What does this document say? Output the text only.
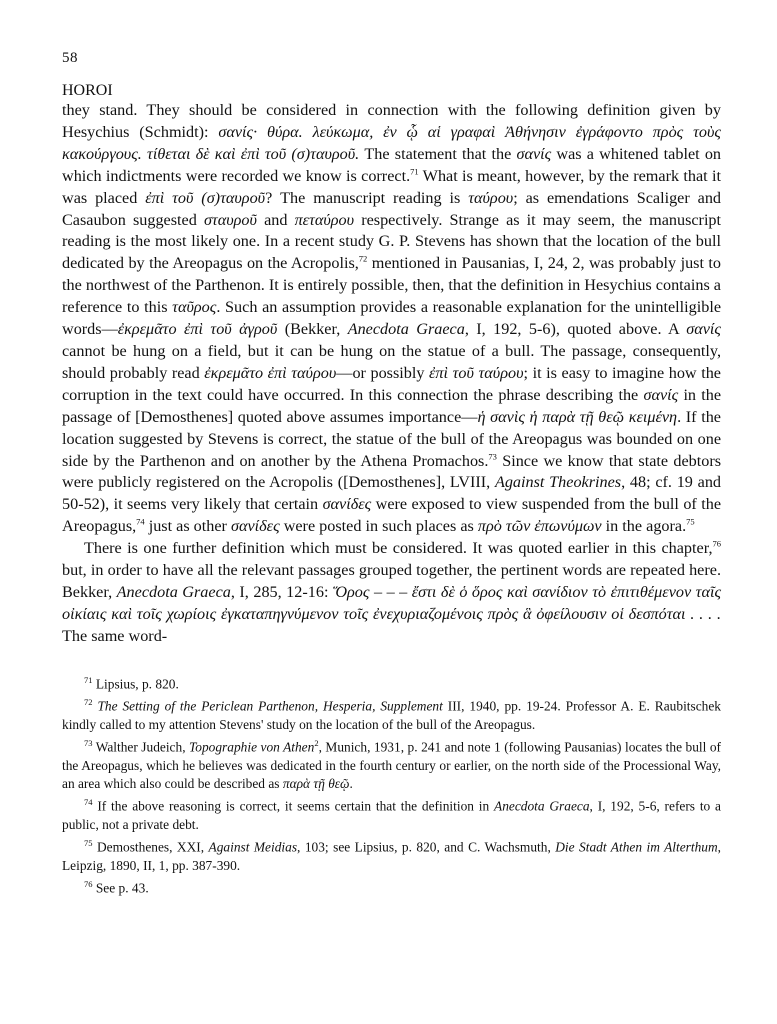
58
HOROI

they stand. They should be considered in connection with the following definition given by Hesychius (Schmidt): σανίς· θύρα. λεύκωμα, ἐν ᾧ αἱ γραφαὶ Ἀθήνησιν ἐγράφοντο πρὸς τοὺς κακούργους. τίθεται δὲ καὶ ἐπὶ τοῦ (σ)ταυροῦ. The statement that the σανίς was a whitened tablet on which indictments were recorded we know is correct.$^{71}$ What is meant, however, by the remark that it was placed ἐπὶ τοῦ (σ)ταυροῦ? The manuscript reading is ταύρου; as emendations Scaliger and Casaubon suggested σταυροῦ and πεταύρου respectively. Strange as it may seem, the manuscript reading is the most likely one. In a recent study G. P. Stevens has shown that the location of the bull dedicated by the Areopagus on the Acropolis,$^{72}$ mentioned in Pausanias, I, 24, 2, was probably just to the northwest of the Parthenon. It is entirely possible, then, that the definition in Hesychius contains a reference to this ταῦρος. Such an assumption provides a reasonable explanation for the unintelligible words—ἐκρεμᾶτο ἐπὶ τοῦ ἀγροῦ (Bekker, Anecdota Graeca, I, 192, 5-6), quoted above. A σανίς cannot be hung on a field, but it can be hung on the statue of a bull. The passage, consequently, should probably read ἐκρεμᾶτο ἐπὶ ταύρου—or possibly ἐπὶ τοῦ ταύρου; it is easy to imagine how the corruption in the text could have occurred. In this connection the phrase describing the σανίς in the passage of [Demosthenes] quoted above assumes importance—ἡ σανὶς ἡ παρὰ τῇ θεῷ κειμένη. If the location suggested by Stevens is correct, the statue of the bull of the Areopagus was bounded on one side by the Parthenon and on another by the Athena Promachos.$^{73}$ Since we know that state debtors were publicly registered on the Acropolis ([Demosthenes], LVIII, Against Theokrines, 48; cf. 19 and 50-52), it seems very likely that certain σανίδες were exposed to view suspended from the bull of the Areopagus,$^{74}$ just as other σανίδες were posted in such places as πρὸ τῶν ἐπωνύμων in the agora.$^{75}$

There is one further definition which must be considered. It was quoted earlier in this chapter,$^{76}$ but, in order to have all the relevant passages grouped together, the pertinent words are repeated here. Bekker, Anecdota Graeca, I, 285, 12-16: Ὅρος – – – ἔστι δὲ ὁ ὅρος καὶ σανίδιον τὸ ἐπιτιθέμενον ταῖς οἰκίαις καὶ τοῖς χωρίοις ἐγκαταπηγνύμενον τοῖς ἐνεχυριαζομένοις πρὸς ἃ ὀφείλουσιν οἱ δεσπόται . . . . The same word-

$^{71}$ Lipsius, p. 820.

$^{72}$ The Setting of the Periclean Parthenon, Hesperia, Supplement III, 1940, pp. 19-24. Professor A. E. Raubitschek kindly called to my attention Stevens' study on the location of the bull of the Areopagus.

$^{73}$ Walther Judeich, Topographie von Athen$^2$, Munich, 1931, p. 241 and note 1 (following Pausanias) locates the bull of the Areopagus, which he believes was dedicated in the fourth century or earlier, on the north side of the Processional Way, an area which also could be described as παρὰ τῇ θεῷ.

$^{74}$ If the above reasoning is correct, it seems certain that the definition in Anecdota Graeca, I, 192, 5-6, refers to a public, not a private debt.

$^{75}$ Demosthenes, XXI, Against Meidias, 103; see Lipsius, p. 820, and C. Wachsmuth, Die Stadt Athen im Alterthum, Leipzig, 1890, II, 1, pp. 387-390.

$^{76}$ See p. 43.
